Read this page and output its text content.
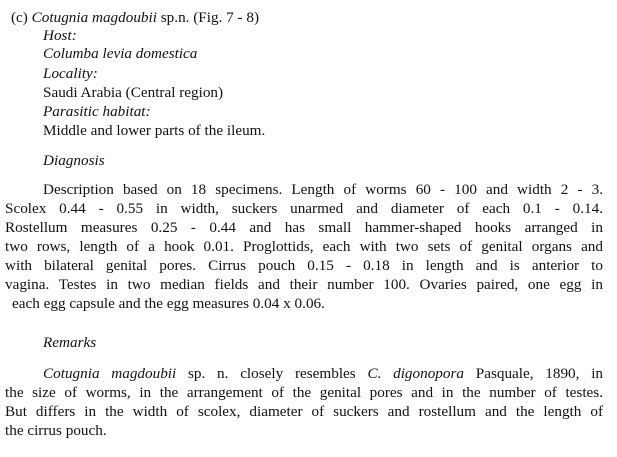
(c) Cotugnia magdoubii sp.n. (Fig. 7 - 8)
Host:
Columba levia domestica
Locality:
Saudi Arabia (Central region)
Parasitic habitat:
Middle and lower parts of the ileum.
Diagnosis
Description based on 18 specimens. Length of worms 60 - 100 and width 2 - 3.
Scolex 0.44 - 0.55 in width, suckers unarmed and diameter of each 0.1 - 0.14.
Rostellum measures 0.25 - 0.44 and has small hammer-shaped hooks arranged in
two rows, length of a hook 0.01. Proglottids, each with two sets of genital organs and
with bilateral genital pores. Cirrus pouch 0.15 - 0.18 in length and is anterior to
vagina. Testes in two median fields and their number 100. Ovaries paired, one egg in
each egg capsule and the egg measures 0.04 x 0.06.
Remarks
Cotugnia magdoubii sp. n. closely resembles C. digonopora Pasquale, 1890, in
the size of worms, in the arrangement of the genital pores and in the number of testes.
But differs in the width of scolex, diameter of suckers and rostellum and the length of
the cirrus pouch.
